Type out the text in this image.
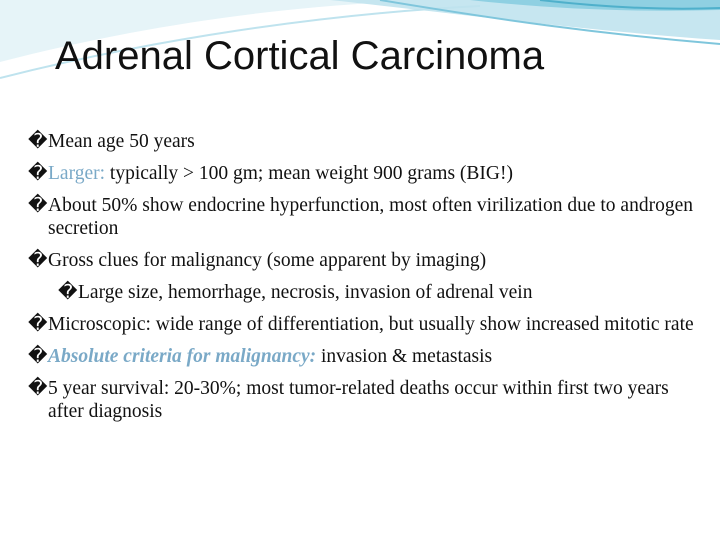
Adrenal Cortical Carcinoma
� Mean age 50 years
� Larger: typically > 100 gm; mean weight 900 grams (BIG!)
� About 50% show endocrine hyperfunction, most often virilization due to androgen secretion
� Gross clues for malignancy (some apparent by imaging)
� Large size, hemorrhage, necrosis, invasion of adrenal vein
� Microscopic: wide range of differentiation, but usually show increased mitotic rate
� Absolute criteria for malignancy: invasion & metastasis
� 5 year survival: 20-30%; most tumor-related deaths occur within first two years after diagnosis
